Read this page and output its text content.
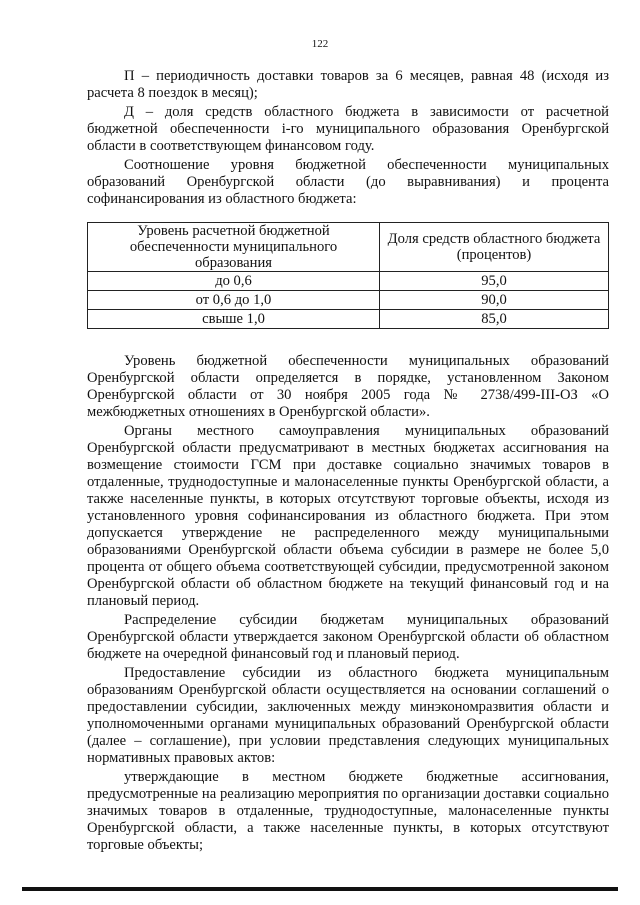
122

П – периодичность доставки товаров за 6 месяцев, равная 48 (исходя из расчета 8 поездок в месяц);

Д – доля средств областного бюджета в зависимости от расчетной бюджетной обеспеченности i-го муниципального образования Оренбургской области в соответствующем финансовом году.

Соотношение уровня бюджетной обеспеченности муниципальных образований Оренбургской области (до выравнивания) и процента софинансирования из областного бюджета:

Уровень расчетной бюджетной обеспеченности муниципального образования	Доля средств областного бюджета (процентов)
до 0,6	95,0
от 0,6 до 1,0	90,0
свыше 1,0	85,0

Уровень бюджетной обеспеченности муниципальных образований Оренбургской области определяется в порядке, установленном Законом Оренбургской области от 30 ноября 2005 года № 2738/499-III-ОЗ «О межбюджетных отношениях в Оренбургской области».

Органы местного самоуправления муниципальных образований Оренбургской области предусматривают в местных бюджетах ассигнования на возмещение стоимости ГСМ при доставке социально значимых товаров в отдаленные, труднодоступные и малонаселенные пункты Оренбургской области, а также населенные пункты, в которых отсутствуют торговые объекты, исходя из установленного уровня софинансирования из областного бюджета. При этом допускается утверждение не распределенного между муниципальными образованиями Оренбургской области объема субсидии в размере не более 5,0 процента от общего объема соответствующей субсидии, предусмотренной законом Оренбургской области об областном бюджете на текущий финансовый год и на плановый период.

Распределение субсидии бюджетам муниципальных образований Оренбургской области утверждается законом Оренбургской области об областном бюджете на очередной финансовый год и плановый период.

Предоставление субсидии из областного бюджета муниципальным образованиям Оренбургской области осуществляется на основании соглашений о предоставлении субсидии, заключенных между минэкономразвития области и уполномоченными органами муниципальных образований Оренбургской области (далее – соглашение), при условии представления следующих муниципальных нормативных правовых актов:

утверждающие в местном бюджете бюджетные ассигнования, предусмотренные на реализацию мероприятия по организации доставки социально значимых товаров в отдаленные, труднодоступные, малонаселенные пункты Оренбургской области, а также населенные пункты, в которых отсутствуют торговые объекты;
